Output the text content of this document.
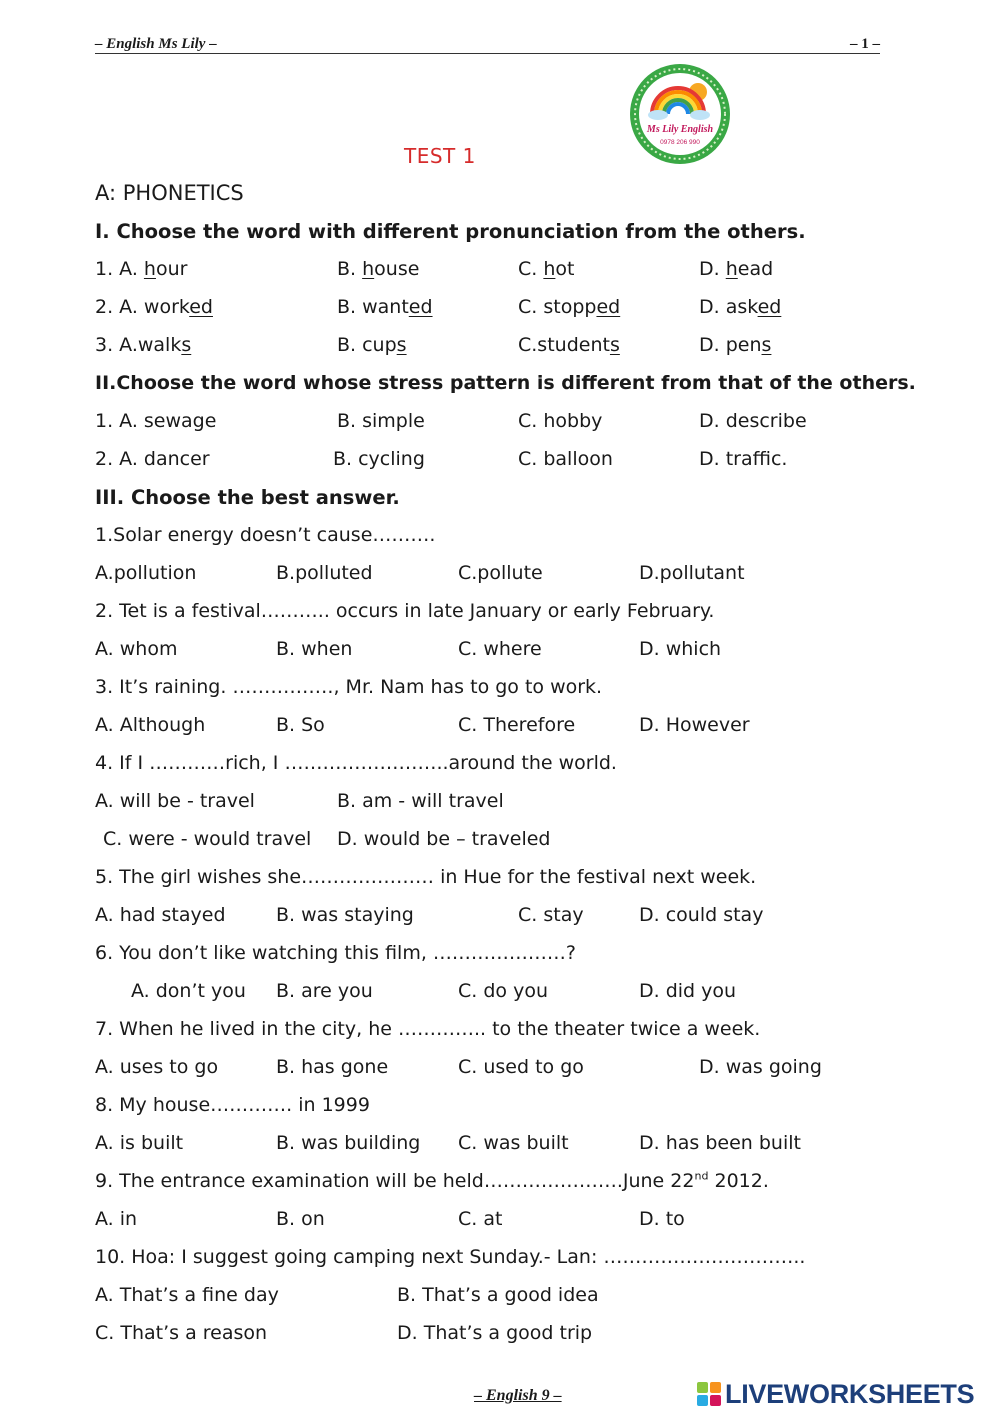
– English Ms Lily –	– 1 –
Ms Lily English
0978 206 990
TEST 1
A: PHONETICS
I. Choose the word with different pronunciation from the others.
1. A. hour	B. house	C. hot	D. head
2. A. worked	B. wanted	C. stopped	D. asked
3. A.walks	B. cups	C.students	D. pens
II.Choose the word whose stress pattern is different from that of the others.
1. A. sewage	B. simple	C. hobby	D. describe
2. A. dancer	B. cycling	C. balloon	D. traffic.
III. Choose the best answer.
1.Solar energy doesn’t cause……….
A.pollution	B.polluted	C.pollute	D.pollutant
2. Tet is a festival……….. occurs in late January or early February.
A. whom	B. when	C. where	D. which
3. It’s raining. ……………., Mr. Nam has to go to work.
A. Although	B. So	C. Therefore	D. However
4. If I …………rich, I ……………………..around the world.
A. will be - travel	B. am - will travel
C. were - would travel D. would be – traveled
5. The girl wishes she………………… in Hue for the festival next week.
A. had stayed	B. was staying	C. stay	D. could stay
6. You don’t like watching this film, …………………?
A. don’t you B. are you	C. do you	D. did you
7. When he lived in the city, he ………….. to the theater twice a week.
A. uses to go	B. has gone	C. used to go	D. was going
8. My house…………. in 1999
A. is built	B. was building C. was built	D. has been built
9. The entrance examination will be held………………….June 22nd 2012.
A. in	B. on	C. at	D. to
10. Hoa: I suggest going camping next Sunday.- Lan: …………………………..
A. That’s a fine day	B. That’s a good idea
C. That’s a reason	D. That’s a good trip
– English 9 –	LIVEWORKSHEETS
